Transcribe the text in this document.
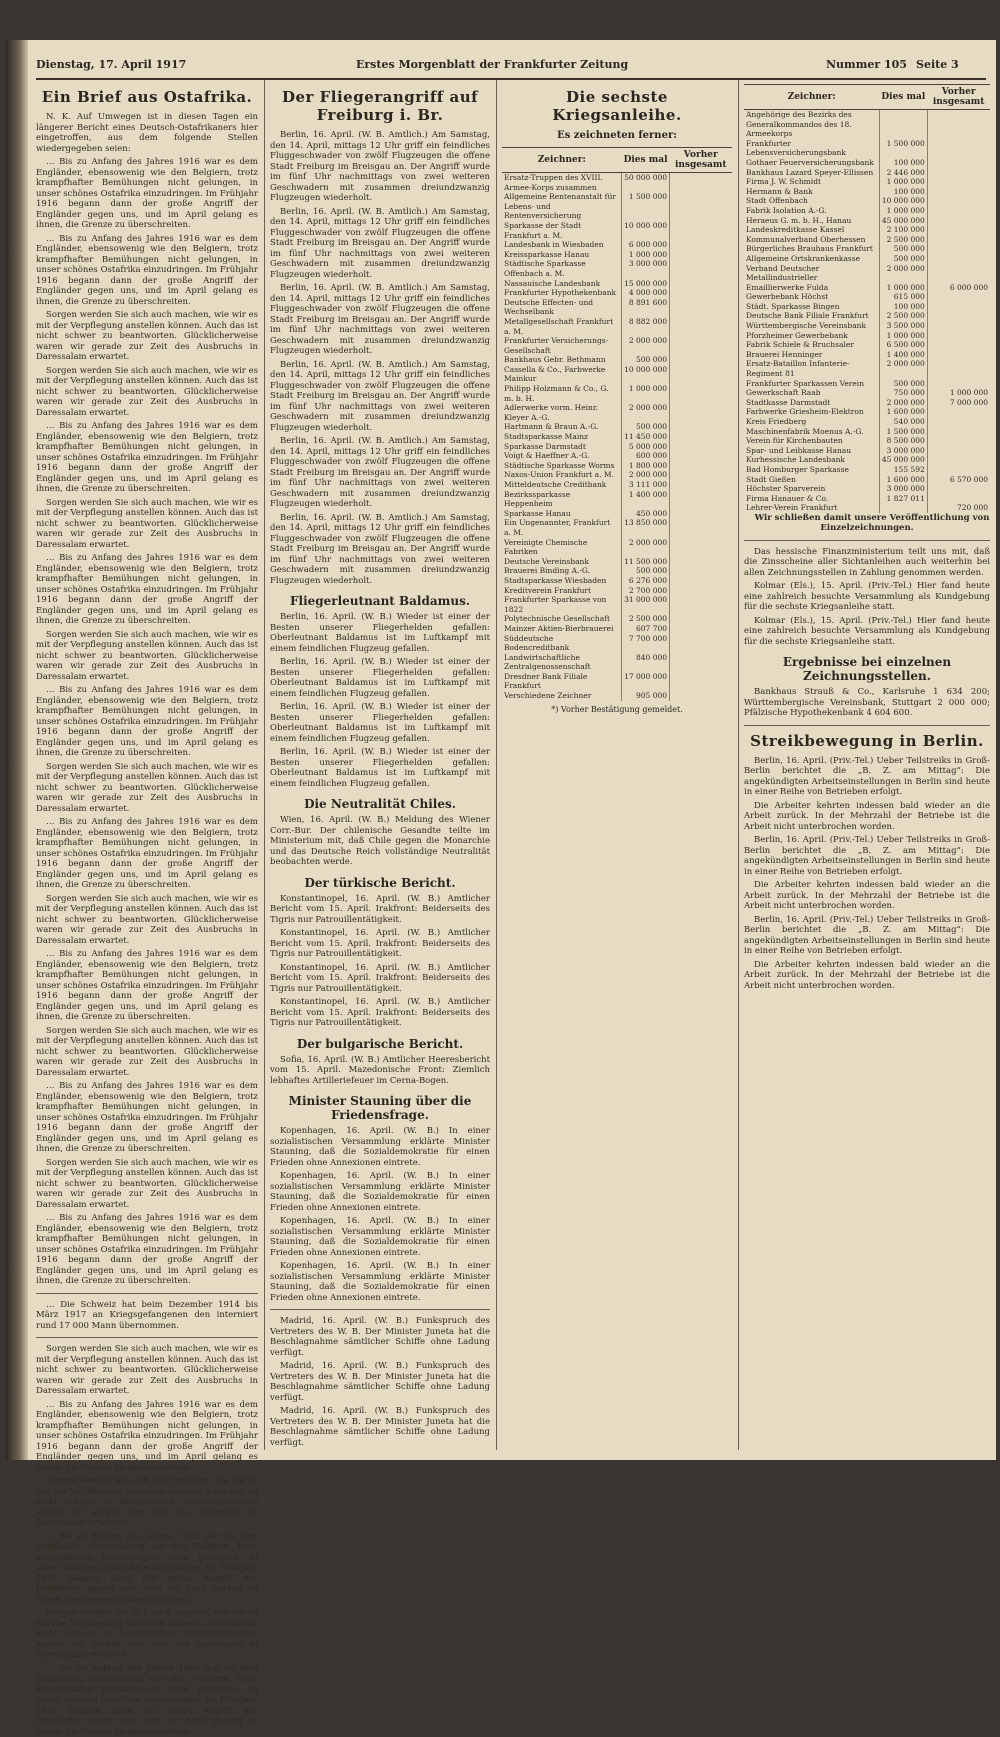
Dienstag, 17. April 1917	Erstes Morgenblatt der Frankfurter Zeitung	Nummer 105 Seite 3
Ein Brief aus Ostafrika.

N. K. Auf Umwegen ist in diesen Tagen ein längerer Bericht eines Deutsch-Ostafrikaners hier eingetroffen, aus dem folgende Stellen wiedergegeben seien:

… Bis zu Anfang des Jahres 1916 war es dem Engländer, ebensowenig wie den Belgiern, trotz krampfhafter Bemühungen nicht gelungen, in unser schönes Ostafrika einzudringen. Im Frühjahr 1916 begann dann der große Angriff der Engländer gegen uns, und im April gelang es ihnen, die Grenze zu überschreiten.

… Bis zu Anfang des Jahres 1916 war es dem Engländer, ebensowenig wie den Belgiern, trotz krampfhafter Bemühungen nicht gelungen, in unser schönes Ostafrika einzudringen. Im Frühjahr 1916 begann dann der große Angriff der Engländer gegen uns, und im April gelang es ihnen, die Grenze zu überschreiten.

Sorgen werden Sie sich auch machen, wie wir es mit der Verpflegung anstellen können. Auch das ist nicht schwer zu beantworten. Glücklicherweise waren wir gerade zur Zeit des Ausbruchs in Daressalam erwartet.

Sorgen werden Sie sich auch machen, wie wir es mit der Verpflegung anstellen können. Auch das ist nicht schwer zu beantworten. Glücklicherweise waren wir gerade zur Zeit des Ausbruchs in Daressalam erwartet.

… Bis zu Anfang des Jahres 1916 war es dem Engländer, ebensowenig wie den Belgiern, trotz krampfhafter Bemühungen nicht gelungen, in unser schönes Ostafrika einzudringen. Im Frühjahr 1916 begann dann der große Angriff der Engländer gegen uns, und im April gelang es ihnen, die Grenze zu überschreiten.

Sorgen werden Sie sich auch machen, wie wir es mit der Verpflegung anstellen können. Auch das ist nicht schwer zu beantworten. Glücklicherweise waren wir gerade zur Zeit des Ausbruchs in Daressalam erwartet.

… Bis zu Anfang des Jahres 1916 war es dem Engländer, ebensowenig wie den Belgiern, trotz krampfhafter Bemühungen nicht gelungen, in unser schönes Ostafrika einzudringen. Im Frühjahr 1916 begann dann der große Angriff der Engländer gegen uns, und im April gelang es ihnen, die Grenze zu überschreiten.

Sorgen werden Sie sich auch machen, wie wir es mit der Verpflegung anstellen können. Auch das ist nicht schwer zu beantworten. Glücklicherweise waren wir gerade zur Zeit des Ausbruchs in Daressalam erwartet.

… Bis zu Anfang des Jahres 1916 war es dem Engländer, ebensowenig wie den Belgiern, trotz krampfhafter Bemühungen nicht gelungen, in unser schönes Ostafrika einzudringen. Im Frühjahr 1916 begann dann der große Angriff der Engländer gegen uns, und im April gelang es ihnen, die Grenze zu überschreiten.

Sorgen werden Sie sich auch machen, wie wir es mit der Verpflegung anstellen können. Auch das ist nicht schwer zu beantworten. Glücklicherweise waren wir gerade zur Zeit des Ausbruchs in Daressalam erwartet.

… Bis zu Anfang des Jahres 1916 war es dem Engländer, ebensowenig wie den Belgiern, trotz krampfhafter Bemühungen nicht gelungen, in unser schönes Ostafrika einzudringen. Im Frühjahr 1916 begann dann der große Angriff der Engländer gegen uns, und im April gelang es ihnen, die Grenze zu überschreiten.

Sorgen werden Sie sich auch machen, wie wir es mit der Verpflegung anstellen können. Auch das ist nicht schwer zu beantworten. Glücklicherweise waren wir gerade zur Zeit des Ausbruchs in Daressalam erwartet.

… Bis zu Anfang des Jahres 1916 war es dem Engländer, ebensowenig wie den Belgiern, trotz krampfhafter Bemühungen nicht gelungen, in unser schönes Ostafrika einzudringen. Im Frühjahr 1916 begann dann der große Angriff der Engländer gegen uns, und im April gelang es ihnen, die Grenze zu überschreiten.

Sorgen werden Sie sich auch machen, wie wir es mit der Verpflegung anstellen können. Auch das ist nicht schwer zu beantworten. Glücklicherweise waren wir gerade zur Zeit des Ausbruchs in Daressalam erwartet.

… Bis zu Anfang des Jahres 1916 war es dem Engländer, ebensowenig wie den Belgiern, trotz krampfhafter Bemühungen nicht gelungen, in unser schönes Ostafrika einzudringen. Im Frühjahr 1916 begann dann der große Angriff der Engländer gegen uns, und im April gelang es ihnen, die Grenze zu überschreiten.

Sorgen werden Sie sich auch machen, wie wir es mit der Verpflegung anstellen können. Auch das ist nicht schwer zu beantworten. Glücklicherweise waren wir gerade zur Zeit des Ausbruchs in Daressalam erwartet.

… Bis zu Anfang des Jahres 1916 war es dem Engländer, ebensowenig wie den Belgiern, trotz krampfhafter Bemühungen nicht gelungen, in unser schönes Ostafrika einzudringen. Im Frühjahr 1916 begann dann der große Angriff der Engländer gegen uns, und im April gelang es ihnen, die Grenze zu überschreiten.

… Die Schweiz hat beim Dezember 1914 bis März 1917 an Kriegsgefangenen den interniert rund 17 000 Mann übernommen.

Sorgen werden Sie sich auch machen, wie wir es mit der Verpflegung anstellen können. Auch das ist nicht schwer zu beantworten. Glücklicherweise waren wir gerade zur Zeit des Ausbruchs in Daressalam erwartet.

… Bis zu Anfang des Jahres 1916 war es dem Engländer, ebensowenig wie den Belgiern, trotz krampfhafter Bemühungen nicht gelungen, in unser schönes Ostafrika einzudringen. Im Frühjahr 1916 begann dann der große Angriff der Engländer gegen uns, und im April gelang es ihnen, die Grenze zu überschreiten.

Sorgen werden Sie sich auch machen, wie wir es mit der Verpflegung anstellen können. Auch das ist nicht schwer zu beantworten. Glücklicherweise waren wir gerade zur Zeit des Ausbruchs in Daressalam erwartet.

… Bis zu Anfang des Jahres 1916 war es dem Engländer, ebensowenig wie den Belgiern, trotz krampfhafter Bemühungen nicht gelungen, in unser schönes Ostafrika einzudringen. Im Frühjahr 1916 begann dann der große Angriff der Engländer gegen uns, und im April gelang es ihnen, die Grenze zu überschreiten.

Sorgen werden Sie sich auch machen, wie wir es mit der Verpflegung anstellen können. Auch das ist nicht schwer zu beantworten. Glücklicherweise waren wir gerade zur Zeit des Ausbruchs in Daressalam erwartet.

… Bis zu Anfang des Jahres 1916 war es dem Engländer, ebensowenig wie den Belgiern, trotz krampfhafter Bemühungen nicht gelungen, in unser schönes Ostafrika einzudringen. Im Frühjahr 1916 begann dann der große Angriff der Engländer gegen uns, und im April gelang es ihnen, die Grenze zu überschreiten.

Der Fliegerangriff auf Freiburg i. Br.

Berlin, 16. April. (W. B. Amtlich.) Am Samstag, den 14. April, mittags 12 Uhr griff ein feindliches Fluggeschwader von zwölf Flugzeugen die offene Stadt Freiburg im Breisgau an. Der Angriff wurde im fünf Uhr nachmittags von zwei weiteren Geschwadern mit zusammen dreiundzwanzig Flugzeugen wiederholt.

Berlin, 16. April. (W. B. Amtlich.) Am Samstag, den 14. April, mittags 12 Uhr griff ein feindliches Fluggeschwader von zwölf Flugzeugen die offene Stadt Freiburg im Breisgau an. Der Angriff wurde im fünf Uhr nachmittags von zwei weiteren Geschwadern mit zusammen dreiundzwanzig Flugzeugen wiederholt.

Berlin, 16. April. (W. B. Amtlich.) Am Samstag, den 14. April, mittags 12 Uhr griff ein feindliches Fluggeschwader von zwölf Flugzeugen die offene Stadt Freiburg im Breisgau an. Der Angriff wurde im fünf Uhr nachmittags von zwei weiteren Geschwadern mit zusammen dreiundzwanzig Flugzeugen wiederholt.

Berlin, 16. April. (W. B. Amtlich.) Am Samstag, den 14. April, mittags 12 Uhr griff ein feindliches Fluggeschwader von zwölf Flugzeugen die offene Stadt Freiburg im Breisgau an. Der Angriff wurde im fünf Uhr nachmittags von zwei weiteren Geschwadern mit zusammen dreiundzwanzig Flugzeugen wiederholt.

Berlin, 16. April. (W. B. Amtlich.) Am Samstag, den 14. April, mittags 12 Uhr griff ein feindliches Fluggeschwader von zwölf Flugzeugen die offene Stadt Freiburg im Breisgau an. Der Angriff wurde im fünf Uhr nachmittags von zwei weiteren Geschwadern mit zusammen dreiundzwanzig Flugzeugen wiederholt.

Berlin, 16. April. (W. B. Amtlich.) Am Samstag, den 14. April, mittags 12 Uhr griff ein feindliches Fluggeschwader von zwölf Flugzeugen die offene Stadt Freiburg im Breisgau an. Der Angriff wurde im fünf Uhr nachmittags von zwei weiteren Geschwadern mit zusammen dreiundzwanzig Flugzeugen wiederholt.

Fliegerleutnant Baldamus.

Berlin, 16. April. (W. B.) Wieder ist einer der Besten unserer Fliegerhelden gefallen: Oberleutnant Baldamus ist im Luftkampf mit einem feindlichen Flugzeug gefallen.

Berlin, 16. April. (W. B.) Wieder ist einer der Besten unserer Fliegerhelden gefallen: Oberleutnant Baldamus ist im Luftkampf mit einem feindlichen Flugzeug gefallen.

Berlin, 16. April. (W. B.) Wieder ist einer der Besten unserer Fliegerhelden gefallen: Oberleutnant Baldamus ist im Luftkampf mit einem feindlichen Flugzeug gefallen.

Berlin, 16. April. (W. B.) Wieder ist einer der Besten unserer Fliegerhelden gefallen: Oberleutnant Baldamus ist im Luftkampf mit einem feindlichen Flugzeug gefallen.

Die Neutralität Chiles.

Wien, 16. April. (W. B.) Meldung des Wiener Corr.-Bur. Der chilenische Gesandte teilte im Ministerium mit, daß Chile gegen die Monarchie und das Deutsche Reich vollständige Neutralität beobachten werde.

Der türkische Bericht.

Konstantinopel, 16. April. (W. B.) Amtlicher Bericht vom 15. April. Irakfront: Beiderseits des Tigris nur Patrouillentätigkeit.

Konstantinopel, 16. April. (W. B.) Amtlicher Bericht vom 15. April. Irakfront: Beiderseits des Tigris nur Patrouillentätigkeit.

Konstantinopel, 16. April. (W. B.) Amtlicher Bericht vom 15. April. Irakfront: Beiderseits des Tigris nur Patrouillentätigkeit.

Konstantinopel, 16. April. (W. B.) Amtlicher Bericht vom 15. April. Irakfront: Beiderseits des Tigris nur Patrouillentätigkeit.

Der bulgarische Bericht.

Sofia, 16. April. (W. B.) Amtlicher Heeresbericht vom 15. April. Mazedonische Front: Ziemlich lebhaftes Artilleriefeuer im Cerna-Bogen.

Minister Stauning über die Friedensfrage.

Kopenhagen, 16. April. (W. B.) In einer sozialistischen Versammlung erklärte Minister Stauning, daß die Sozialdemokratie für einen Frieden ohne Annexionen eintrete.

Kopenhagen, 16. April. (W. B.) In einer sozialistischen Versammlung erklärte Minister Stauning, daß die Sozialdemokratie für einen Frieden ohne Annexionen eintrete.

Kopenhagen, 16. April. (W. B.) In einer sozialistischen Versammlung erklärte Minister Stauning, daß die Sozialdemokratie für einen Frieden ohne Annexionen eintrete.

Kopenhagen, 16. April. (W. B.) In einer sozialistischen Versammlung erklärte Minister Stauning, daß die Sozialdemokratie für einen Frieden ohne Annexionen eintrete.

Madrid, 16. April. (W. B.) Funkspruch des Vertreters des W. B. Der Minister Juneta hat die Beschlagnahme sämtlicher Schiffe ohne Ladung verfügt.

Madrid, 16. April. (W. B.) Funkspruch des Vertreters des W. B. Der Minister Juneta hat die Beschlagnahme sämtlicher Schiffe ohne Ladung verfügt.

Madrid, 16. April. (W. B.) Funkspruch des Vertreters des W. B. Der Minister Juneta hat die Beschlagnahme sämtlicher Schiffe ohne Ladung verfügt.

Die sechste Kriegsanleihe.
Es zeichneten ferner:
Zeichner:	Dies mal	Vorher insgesamt
Ersatz-Truppen des XVIII. Armee-Korps zusammen	50 000 000	
Allgemeine Rentenanstalt für Lebens- und Rentenversicherung	1 500 000	
Sparkasse der Stadt Frankfurt a. M.	10 000 000	
Landesbank in Wiesbaden	6 000 000	
Kreissparkasse Hanau	1 000 000	
Städtische Sparkasse Offenbach a. M.	3 000 000	
Nassauische Landesbank	15 000 000	
Frankfurter Hypothekenbank	4 000 000	
Deutsche Effecten- und Wechselbank	8 891 600	
Metallgesellschaft Frankfurt a. M.	8 882 000	
Frankfurter Versicherungs-Gesellschaft	2 000 000	
Bankhaus Gebr. Bethmann	500 000	
Cassella & Co., Farbwerke Mainkur	10 000 000	
Philipp Holzmann & Co., G. m. b. H.	1 000 000	
Adlerwerke vorm. Heinr. Kleyer A.-G.	2 000 000	
Hartmann & Braun A.-G.	500 000	
Stadtsparkasse Mainz	11 450 000	
Sparkasse Darmstadt	5 000 000	
Voigt & Haeffner A.-G.	600 000	
Städtische Sparkasse Worms	1 800 000	
Naxos-Union Frankfurt a. M.	2 000 000	
Mitteldeutsche Creditbank	3 111 000	
Bezirkssparkasse Heppenheim	1 400 000	
Sparkasse Hanau	450 000	
Ein Ungenannter, Frankfurt a. M.	13 850 000	
Vereinigte Chemische Fabriken	2 000 000	
Deutsche Vereinsbank	11 500 000	
Brauerei Binding A.-G.	500 000	
Stadtsparkasse Wiesbaden	6 276 000	
Kreditverein Frankfurt	2 700 000	
Frankfurter Sparkasse von 1822	31 000 000	
Polytechnische Gesellschaft	2 500 000	
Mainzer Aktien-Bierbrauerei	607 700	
Süddeutsche Bodencreditbank	7 700 000	
Landwirtschaftliche Zentralgenossenschaft	840 000	
Dresdner Bank Filiale Frankfurt	17 000 000	
Verschiedene Zeichner	905 000	
*) Vorher Bestätigung gemeldet.
Zeichner:	Dies mal	Vorher insgesamt
Angehörige des Bezirks des Generalkommandos des 18. Armeekorps		
Frankfurter Lebensversicherungsbank	1 500 000	
Gothaer Feuerversicherungsbank	100 000	
Bankhaus Lazard Speyer-Ellissen	2 446 000	
Firma J. W. Schmidt	1 000 000	
Hermann & Bank	100 000	
Stadt Offenbach	10 000 000	
Fabrik Isolation A.-G.	1 000 000	
Heraeus G. m. b. H., Hanau	45 000 000	
Landeskreditkasse Kassel	2 100 000	
Kommunalverband Oberhessen	2 500 000	
Bürgerliches Brauhaus Frankfurt	500 000	
Allgemeine Ortskrankenkasse	500 000	
Verband Deutscher Metallindustrieller	2 000 000	
Emaillierwerke Fulda	1 000 000	6 000 000
Gewerbebank Höchst	615 000	
Städt. Sparkasse Bingen	100 000	
Deutsche Bank Filiale Frankfurt	2 500 000	
Württembergische Vereinsbank	3 500 000	
Pforzheimer Gewerbebank	1 000 000	
Fabrik Schiele & Bruchsaler	6 500 000	
Brauerei Henninger	1 400 000	
Ersatz-Bataillon Infanterie-Regiment 81	2 000 000	
Frankfurter Sparkassen Verein	500 000	
Gewerkschaft Raab	750 000	1 000 000
Stadtkasse Darmstadt	2 000 000	7 000 000
Farbwerke Griesheim-Elektron	1 600 000	
Kreis Friedberg	540 000	
Maschinenfabrik Moenus A.-G.	1 500 000	
Verein für Kirchenbauten	8 500 000	
Spar- und Leihkasse Hanau	3 000 000	
Kurhessische Landesbank	45 000 000	
Bad Homburger Sparkasse	155 592	
Stadt Gießen	1 600 000	6 570 000
Höchster Sparverein	3 000 000	
Firma Hanauer & Co.	1 827 011	
Lehrer-Verein Frankfurt		720 000

Wir schließen damit unsere Veröffentlichung von Einzelzeichnungen.

Das hessische Finanzministerium teilt uns mit, daß die Zinsscheine aller Sichtanleihen auch weiterhin bei allen Zeichnungsstellen in Zahlung genommen werden.

Kolmar (Els.), 15. April. (Priv.-Tel.) Hier fand heute eine zahlreich besuchte Versammlung als Kundgebung für die sechste Kriegsanleihe statt.

Kolmar (Els.), 15. April. (Priv.-Tel.) Hier fand heute eine zahlreich besuchte Versammlung als Kundgebung für die sechste Kriegsanleihe statt.

Ergebnisse bei einzelnen Zeichnungsstellen.

Bankhaus Strauß & Co., Karlsruhe 1 634 200; Württembergische Vereinsbank, Stuttgart 2 000 000; Pfälzische Hypothekenbank 4 604 600.

Streikbewegung in Berlin.

Berlin, 16. April. (Priv.-Tel.) Ueber Teilstreiks in Groß-Berlin berichtet die „B. Z. am Mittag“: Die angekündigten Arbeitseinstellungen in Berlin sind heute in einer Reihe von Betrieben erfolgt.

Die Arbeiter kehrten indessen bald wieder an die Arbeit zurück. In der Mehrzahl der Betriebe ist die Arbeit nicht unterbrochen worden.

Berlin, 16. April. (Priv.-Tel.) Ueber Teilstreiks in Groß-Berlin berichtet die „B. Z. am Mittag“: Die angekündigten Arbeitseinstellungen in Berlin sind heute in einer Reihe von Betrieben erfolgt.

Die Arbeiter kehrten indessen bald wieder an die Arbeit zurück. In der Mehrzahl der Betriebe ist die Arbeit nicht unterbrochen worden.

Berlin, 16. April. (Priv.-Tel.) Ueber Teilstreiks in Groß-Berlin berichtet die „B. Z. am Mittag“: Die angekündigten Arbeitseinstellungen in Berlin sind heute in einer Reihe von Betrieben erfolgt.

Die Arbeiter kehrten indessen bald wieder an die Arbeit zurück. In der Mehrzahl der Betriebe ist die Arbeit nicht unterbrochen worden.
